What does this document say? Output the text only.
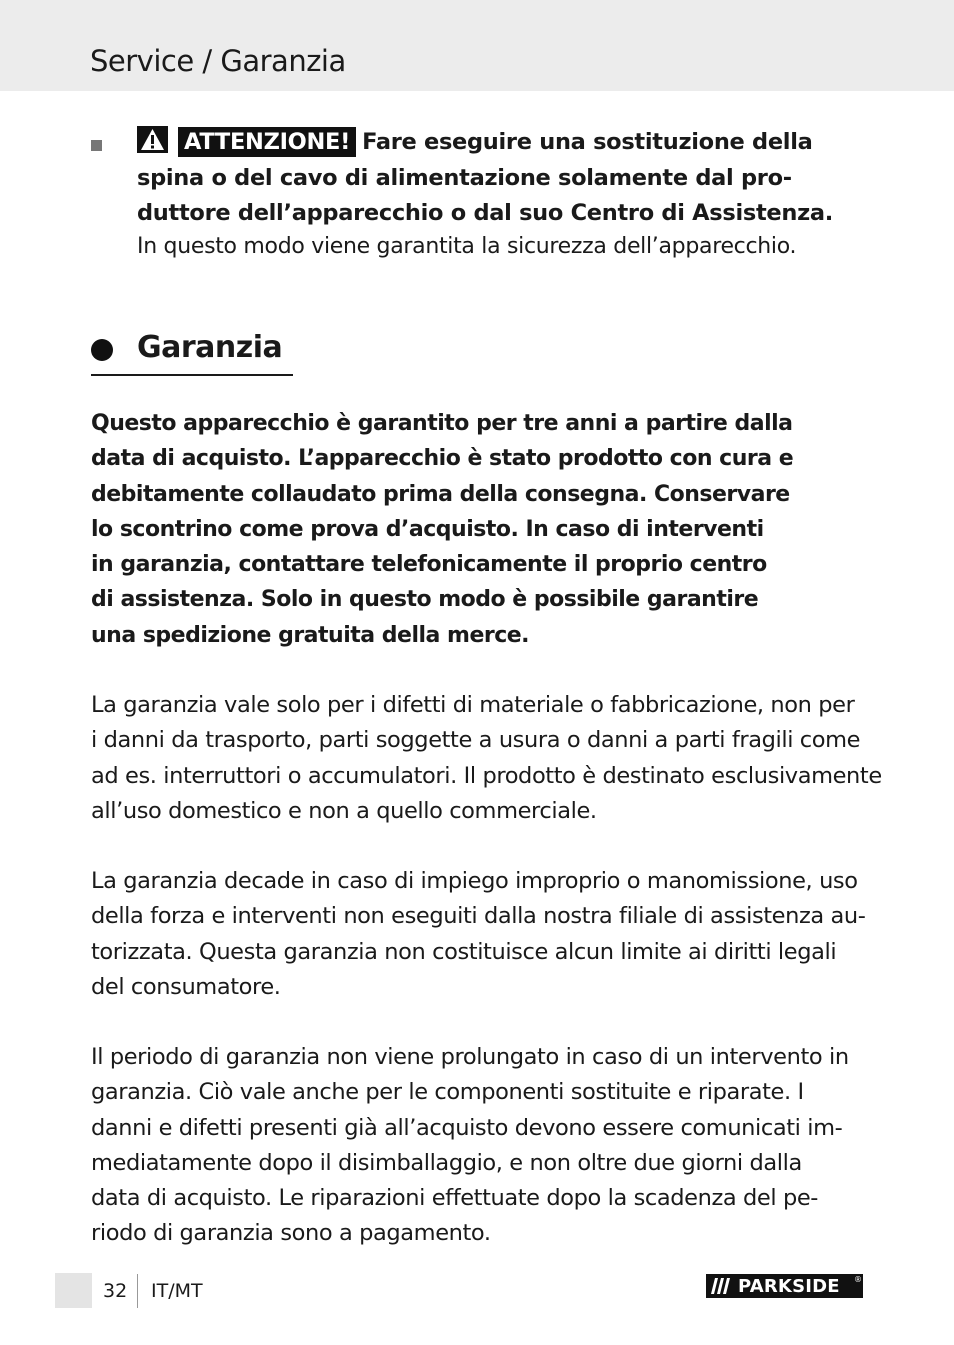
Service / Garanzia
ATTENZIONE! Fare eseguire una sostituzione della
spina o del cavo di alimentazione solamente dal pro-
duttore dell’apparecchio o dal suo Centro di Assistenza.
In questo modo viene garantita la sicurezza dell’apparecchio.
Garanzia
Questo apparecchio è garantito per tre anni a partire dalla
data di acquisto. L’apparecchio è stato prodotto con cura e
debitamente collaudato prima della consegna. Conservare
lo scontrino come prova d’acquisto. In caso di interventi
in garanzia, contattare telefonicamente il proprio centro
di assistenza. Solo in questo modo è possibile garantire
una spedizione gratuita della merce.
La garanzia vale solo per i difetti di materiale o fabbricazione, non per
i danni da trasporto, parti soggette a usura o danni a parti fragili come
ad es. interruttori o accumulatori. Il prodotto è destinato esclusivamente
all’uso domestico e non a quello commerciale.
La garanzia decade in caso di impiego improprio o manomissione, uso
della forza e interventi non eseguiti dalla nostra filiale di assistenza au-
torizzata. Questa garanzia non costituisce alcun limite ai diritti legali
del consumatore.
Il periodo di garanzia non viene prolungato in caso di un intervento in
garanzia. Ciò vale anche per le componenti sostituite e riparate. I
danni e difetti presenti già all’acquisto devono essere comunicati im-
mediatamente dopo il disimballaggio, e non oltre due giorni dalla
data di acquisto. Le riparazioni effettuate dopo la scadenza del pe-
riodo di garanzia sono a pagamento.
32 IT/MT	PARKSIDE ®
